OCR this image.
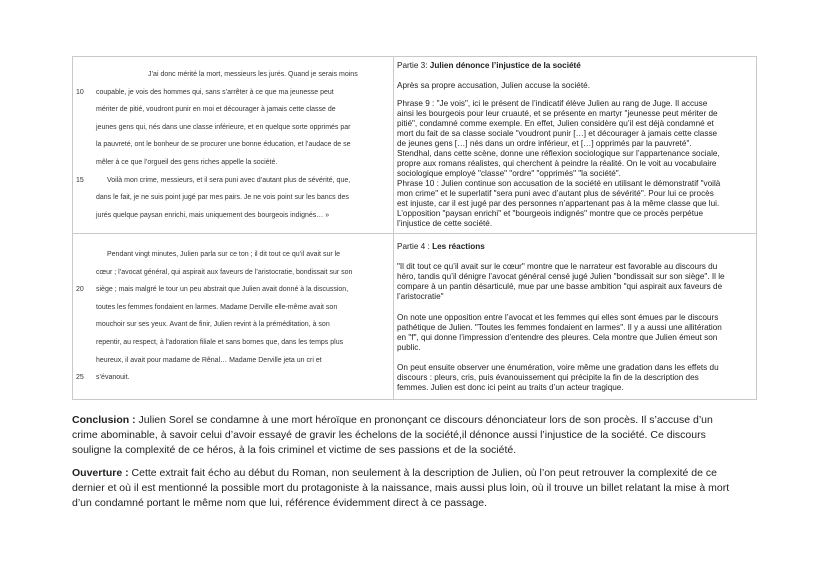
J’ai donc mérité la mort, messieurs les jurés. Quand je serais moins
10	coupable, je vois des hommes qui, sans s’arrêter à ce que ma jeunesse peut
mériter de pitié, voudront punir en moi et décourager à jamais cette classe de
jeunes gens qui, nés dans une classe inférieure, et en quelque sorte opprimés par
la pauvreté, ont le bonheur de se procurer une bonne éducation, et l’audace de se
mêler à ce que l’orgueil des gens riches appelle la société.
15	Voilà mon crime, messieurs, et il sera puni avec d’autant plus de sévérité, que,
dans le fait, je ne suis point jugé par mes pairs. Je ne vois point sur les bancs des
jurés quelque paysan enrichi, mais uniquement des bourgeois indignés… »
Partie 3: Julien dénonce l’injustice de la société
Après sa propre accusation, Julien accuse la société.
Phrase 9 : "Je vois", ici le présent de l’indicatif élève Julien au rang de Juge. Il accuse
ainsi les bourgeois pour leur cruauté, et se présente en martyr "jeunesse peut mériter de
pitié", condamné comme exemple. En effet, Julien considère qu’il est déjà condamné et
mort du fait de sa classe sociale "voudront punir […] et décourager à jamais cette classe
de jeunes gens […] nés dans un ordre inférieur, et […] opprimés par la pauvreté".
Stendhal, dans cette scène, donne une réflexion sociologique sur l’appartenance sociale,
propre aux romans réalistes, qui cherchent à peindre la réalité. On le voit au vocabulaire
sociologique employé "classe" "ordre" "opprimés" "la société".
Phrase 10 : Julien continue son accusation de la société en utilisant le démonstratif "voilà
mon crime" et le superlatif "sera puni avec d’autant plus de sévérité". Pour lui ce procès
est injuste, car il est jugé par des personnes n’appartenant pas à la même classe que lui.
L’opposition "paysan enrichi" et "bourgeois indignés" montre que ce procès perpétue
l’injustice de cette société.
Pendant vingt minutes, Julien parla sur ce ton ; il dit tout ce qu’il avait sur le
cœur ; l’avocat général, qui aspirait aux faveurs de l’aristocratie, bondissait sur son
20	siège ; mais malgré le tour un peu abstrait que Julien avait donné à la discussion,
toutes les femmes fondaient en larmes. Madame Derville elle-même avait son
mouchoir sur ses yeux. Avant de finir, Julien revint à la préméditation, à son
repentir, au respect, à l’adoration filiale et sans bornes que, dans les temps plus
heureux, il avait pour madame de Rênal… Madame Derville jeta un cri et
25	s’évanouit.
Partie 4 : Les réactions
"Il dit tout ce qu’il avait sur le cœur" montre que le narrateur est favorable au discours du
héro, tandis qu’il dénigre l’avocat général censé jugé Julien "bondissait sur son siège". Il le
compare à un pantin désarticulé, mue par une basse ambition "qui aspirait aux faveurs de
l’aristocratie"
On note une opposition entre l’avocat et les femmes qui elles sont émues par le discours
pathétique de Julien. "Toutes les femmes fondaient en larmes". Il y a aussi une allitération
en "f", qui donne l’impression d’entendre des pleures. Cela montre que Julien émeut son
public.
On peut ensuite observer une énumération, voire même une gradation dans les effets du
discours : pleurs, cris, puis évanouissement qui précipite la fin de la description des
femmes. Julien est donc ici peint au traits d’un acteur tragique.
Conclusion : Julien Sorel se condamne à une mort héroïque en prononçant ce discours dénonciateur lors de son procès. Il s’accuse d’un
crime abominable, à savoir celui d’avoir essayé de gravir les échelons de la société,il dénonce aussi l’injustice de la société. Ce discours
souligne la complexité de ce héros, à la fois criminel et victime de ses passions et de la société.
Ouverture : Cette extrait fait écho au début du Roman, non seulement à la description de Julien, où l’on peut retrouver la complexité de ce
dernier et où il est mentionné la possible mort du protagoniste à la naissance, mais aussi plus loin, où il trouve un billet relatant la mise à mort
d’un condamné portant le même nom que lui, référence évidemment direct à ce passage.
